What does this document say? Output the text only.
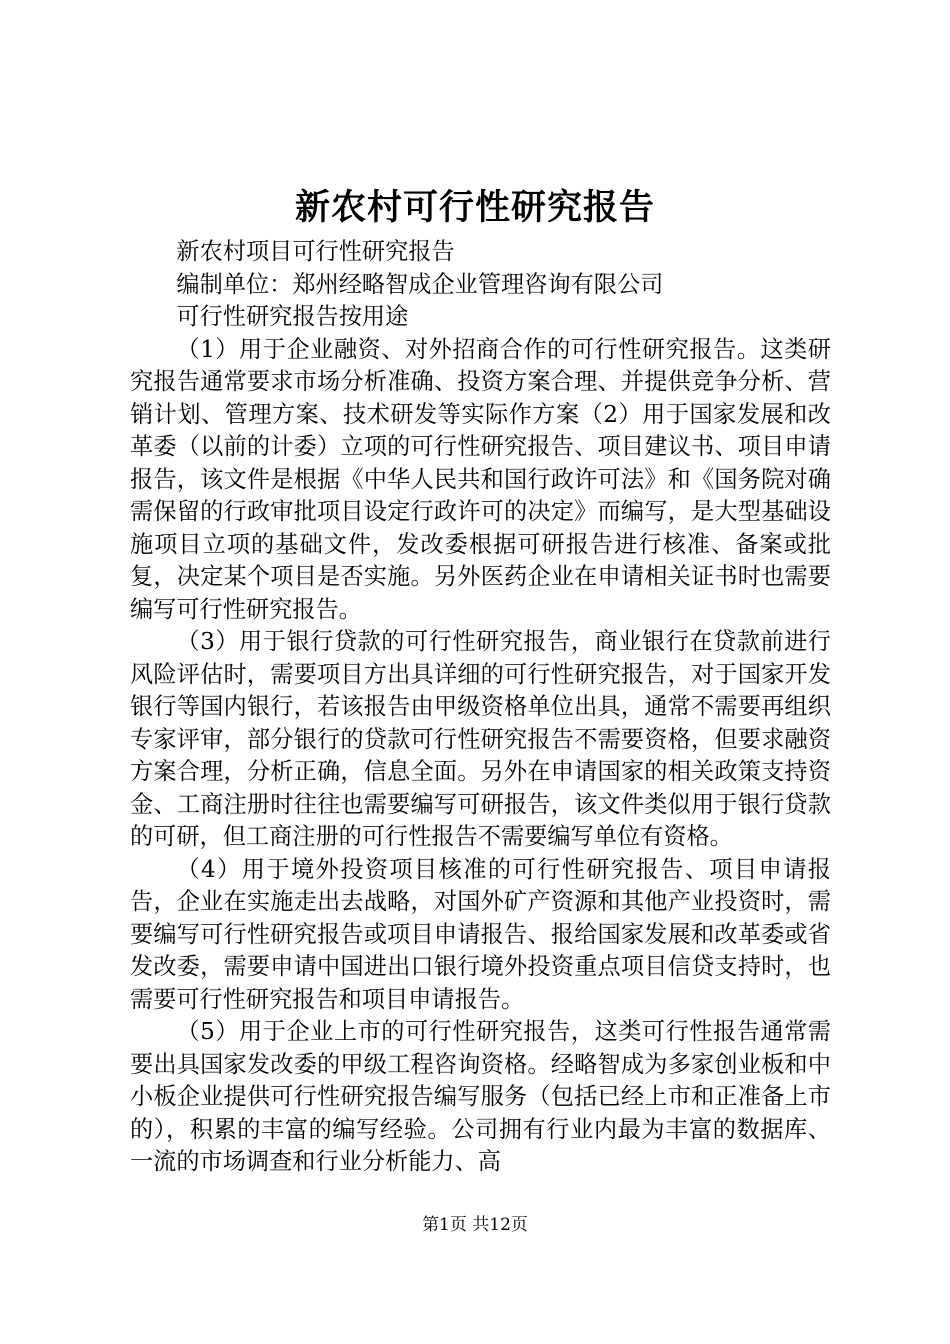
新农村可行性研究报告

新农村项目可行性研究报告

编制单位：郑州经略智成企业管理咨询有限公司

可行性研究报告按用途

（1）用于企业融资、对外招商合作的可行性研究报告。这类研究报告通常要求市场分析准确、投资方案合理、并提供竞争分析、营销计划、管理方案、技术研发等实际作方案（2）用于国家发展和改革委（以前的计委）立项的可行性研究报告、项目建议书、项目申请报告，该文件是根据《中华人民共和国行政许可法》和《国务院对确需保留的行政审批项目设定行政许可的决定》而编写，是大型基础设施项目立项的基础文件，发改委根据可研报告进行核准、备案或批复，决定某个项目是否实施。另外医药企业在申请相关证书时也需要编写可行性研究报告。

（3）用于银行贷款的可行性研究报告，商业银行在贷款前进行风险评估时，需要项目方出具详细的可行性研究报告，对于国家开发银行等国内银行，若该报告由甲级资格单位出具，通常不需要再组织专家评审，部分银行的贷款可行性研究报告不需要资格，但要求融资方案合理，分析正确，信息全面。另外在申请国家的相关政策支持资金、工商注册时往往也需要编写可研报告，该文件类似用于银行贷款的可研，但工商注册的可行性报告不需要编写单位有资格。

（4）用于境外投资项目核准的可行性研究报告、项目申请报告，企业在实施走出去战略，对国外矿产资源和其他产业投资时，需要编写可行性研究报告或项目申请报告、报给国家发展和改革委或省发改委，需要申请中国进出口银行境外投资重点项目信贷支持时，也需要可行性研究报告和项目申请报告。

（5）用于企业上市的可行性研究报告，这类可行性报告通常需要出具国家发改委的甲级工程咨询资格。经略智成为多家创业板和中小板企业提供可行性研究报告编写服务（包括已经上市和正准备上市的），积累的丰富的编写经验。公司拥有行业内最为丰富的数据库、一流的市场调查和行业分析能力、高

第1页 共12页
